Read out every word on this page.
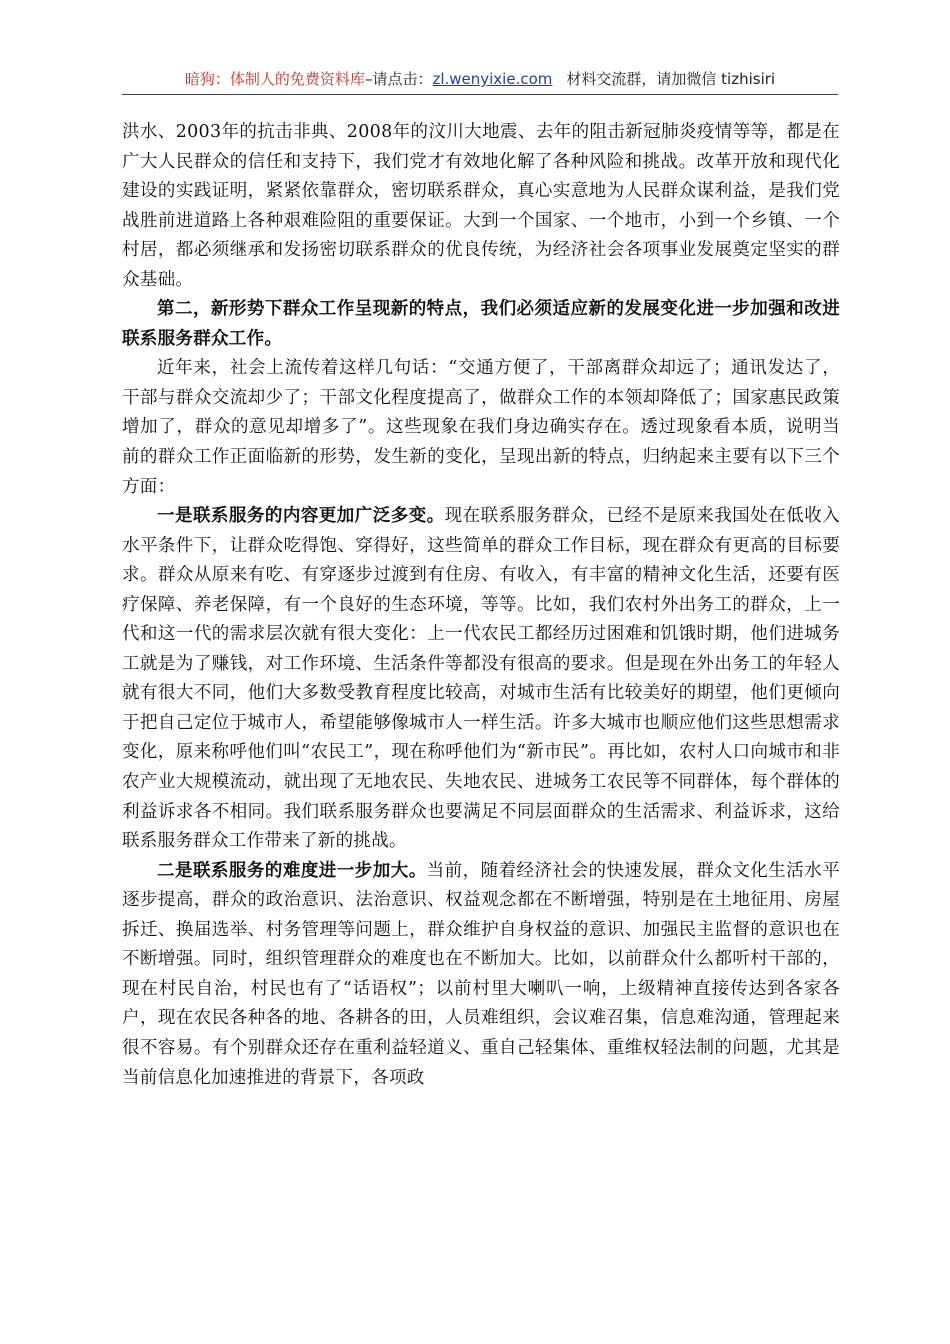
暗狗：体制人的免费资料库–请点击：zl.wenyixie.com 材料交流群，请加微信 tizhisiri

洪水、2003年的抗击非典、2008年的汶川大地震、去年的阻击新冠肺炎疫情等等，都是在广大人民群众的信任和支持下，我们党才有效地化解了各种风险和挑战。改革开放和现代化建设的实践证明，紧紧依靠群众，密切联系群众，真心实意地为人民群众谋利益，是我们党战胜前进道路上各种艰难险阻的重要保证。大到一个国家、一个地市，小到一个乡镇、一个村居，都必须继承和发扬密切联系群众的优良传统，为经济社会各项事业发展奠定坚实的群众基础。

第二，新形势下群众工作呈现新的特点，我们必须适应新的发展变化进一步加强和改进联系服务群众工作。

近年来，社会上流传着这样几句话：“交通方便了，干部离群众却远了；通讯发达了，干部与群众交流却少了；干部文化程度提高了，做群众工作的本领却降低了；国家惠民政策增加了，群众的意见却增多了”。这些现象在我们身边确实存在。透过现象看本质，说明当前的群众工作正面临新的形势，发生新的变化，呈现出新的特点，归纳起来主要有以下三个方面：

一是联系服务的内容更加广泛多变。现在联系服务群众，已经不是原来我国处在低收入水平条件下，让群众吃得饱、穿得好，这些简单的群众工作目标，现在群众有更高的目标要求。群众从原来有吃、有穿逐步过渡到有住房、有收入，有丰富的精神文化生活，还要有医疗保障、养老保障，有一个良好的生态环境，等等。比如，我们农村外出务工的群众，上一代和这一代的需求层次就有很大变化：上一代农民工都经历过困难和饥饿时期，他们进城务工就是为了赚钱，对工作环境、生活条件等都没有很高的要求。但是现在外出务工的年轻人就有很大不同，他们大多数受教育程度比较高，对城市生活有比较美好的期望，他们更倾向于把自己定位于城市人，希望能够像城市人一样生活。许多大城市也顺应他们这些思想需求变化，原来称呼他们叫“农民工”，现在称呼他们为“新市民”。再比如，农村人口向城市和非农产业大规模流动，就出现了无地农民、失地农民、进城务工农民等不同群体，每个群体的利益诉求各不相同。我们联系服务群众也要满足不同层面群众的生活需求、利益诉求，这给联系服务群众工作带来了新的挑战。

二是联系服务的难度进一步加大。当前，随着经济社会的快速发展，群众文化生活水平逐步提高，群众的政治意识、法治意识、权益观念都在不断增强，特别是在土地征用、房屋拆迁、换届选举、村务管理等问题上，群众维护自身权益的意识、加强民主监督的意识也在不断增强。同时，组织管理群众的难度也在不断加大。比如，以前群众什么都听村干部的，现在村民自治，村民也有了“话语权”；以前村里大喇叭一响，上级精神直接传达到各家各户，现在农民各种各的地、各耕各的田，人员难组织，会议难召集，信息难沟通，管理起来很不容易。有个别群众还存在重利益轻道义、重自己轻集体、重维权轻法制的问题，尤其是当前信息化加速推进的背景下，各项政
